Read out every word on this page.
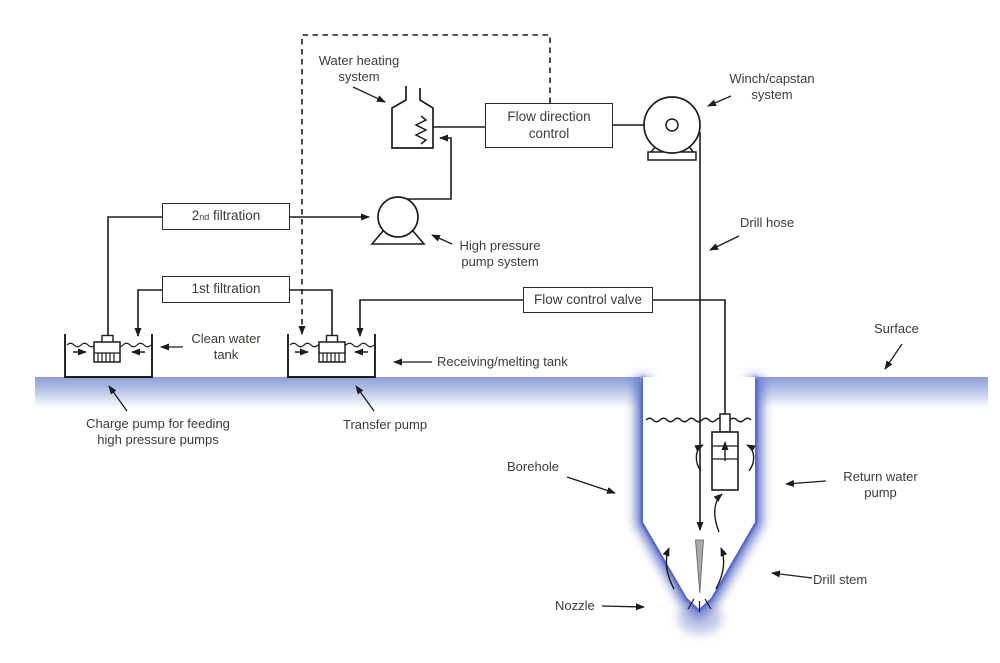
Flow direction
control
2 nd filtration
1st filtration
Flow control valve
Water heating
system	Winch/capstan
system
High pressure
pump system
Drill hose
Clean water
tank	Receiving/melting tank
Surface
Charge pump for feeding
high pressure pumps
Transfer pump
Borehole
Return water
pump
Drill stem
Nozzle
